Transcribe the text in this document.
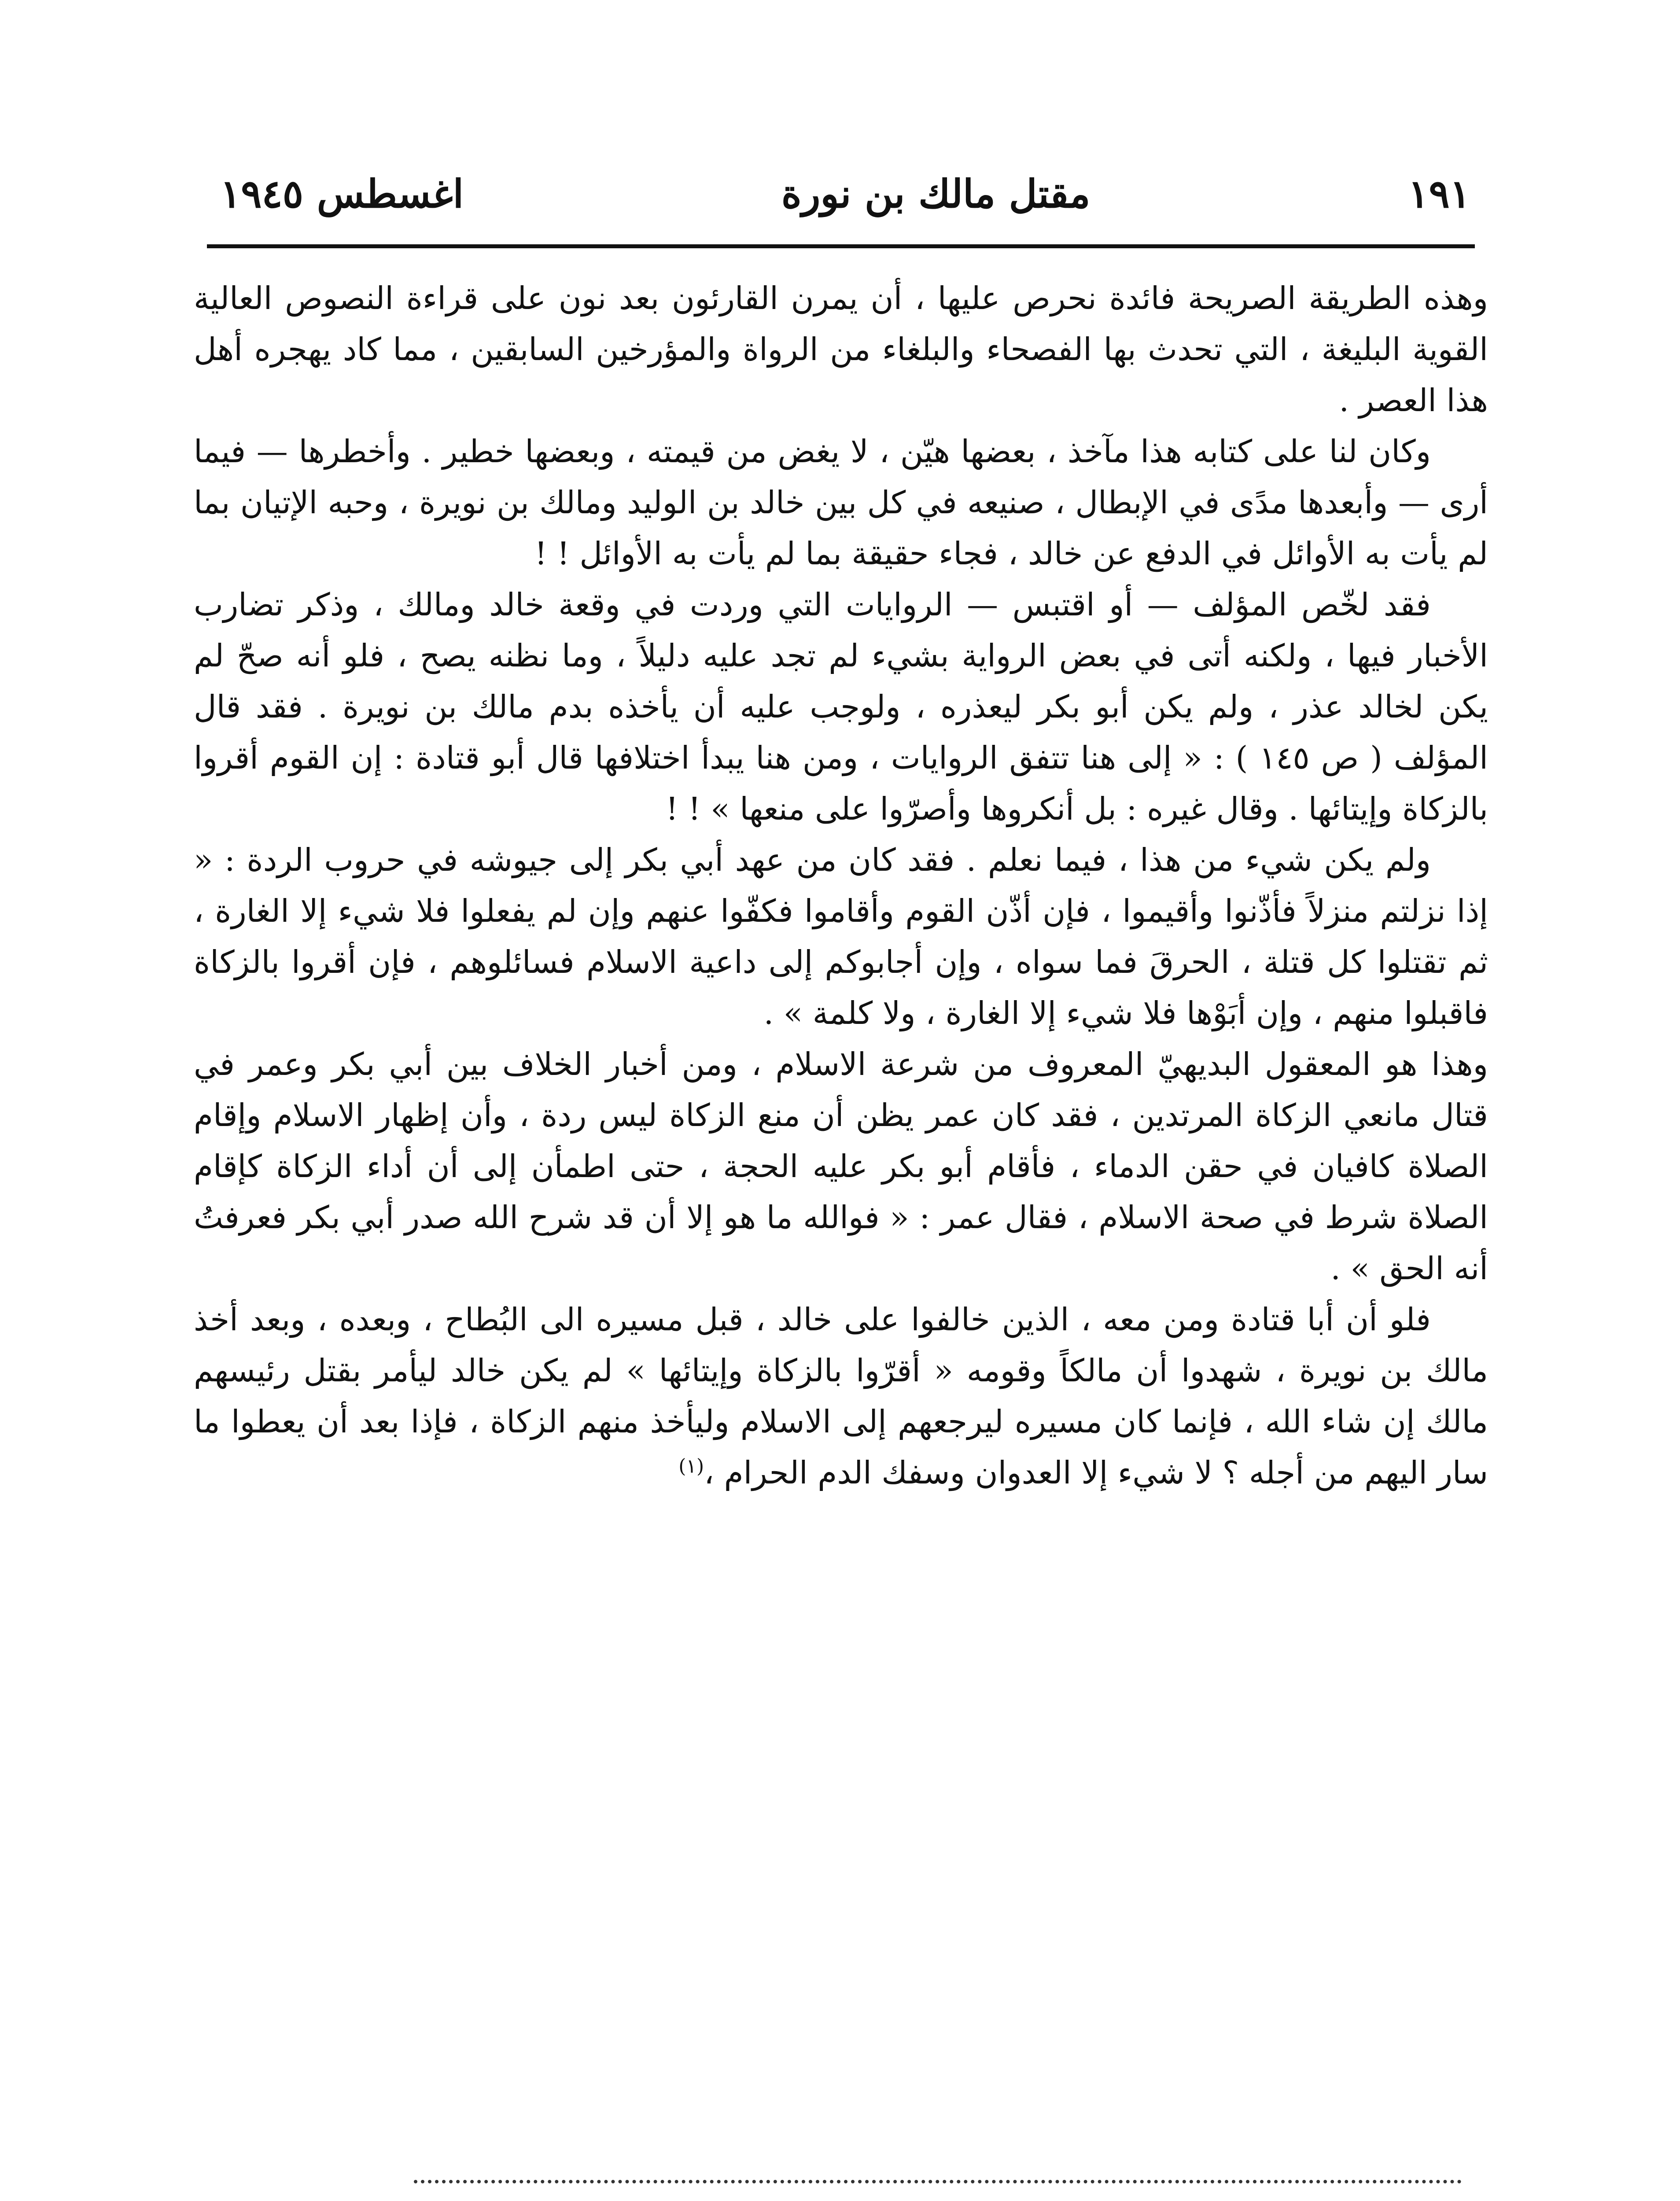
١٩١
مقتل مالك بن نورة
اغسطس ١٩٤٥

وهذه الطريقة الصريحة فائدة نحرص عليها ، أن يمرن القارئون بعد نون على قراءة النصوص العالية القوية البليغة ، التي تحدث بها الفصحاء والبلغاء من الرواة والمؤرخين السابقين ، مما كاد يهجره أهل هذا العصر .

وكان لنا على كتابه هذا مآخذ ، بعضها هيّن ، لا يغض من قيمته ، وبعضها خطير . وأخطرها — فيما أرى — وأبعدها مدًى في الإبطال ، صنيعه في كل بين خالد بن الوليد ومالك بن نويرة ، وحبه الإتيان بما لم يأت به الأوائل في الدفع عن خالد ، فجاء حقيقة بما لم يأت به الأوائل ! !

فقد لخّص المؤلف — أو اقتبس — الروايات التي وردت في وقعة خالد ومالك ، وذكر تضارب الأخبار فيها ، ولكنه أتى في بعض الرواية بشيء لم تجد عليه دليلاً ، وما نظنه يصح ، فلو أنه صحّ لم يكن لخالد عذر ، ولم يكن أبو بكر ليعذره ، ولوجب عليه أن يأخذه بدم مالك بن نويرة . فقد قال المؤلف ( ص ١٤٥ ) : « إلى هنا تتفق الروايات ، ومن هنا يبدأ اختلافها قال أبو قتادة : إن القوم أقروا بالزكاة وإيتائها . وقال غيره : بل أنكروها وأصرّوا على منعها » ! !

ولم يكن شيء من هذا ، فيما نعلم . فقد كان من عهد أبي بكر إلى جيوشه في حروب الردة : « إذا نزلتم منزلاً فأذّنوا وأقيموا ، فإن أذّن القوم وأقاموا فكفّوا عنهم وإن لم يفعلوا فلا شيء إلا الغارة ، ثم تقتلوا كل قتلة ، الحرقَ فما سواه ، وإن أجابوكم إلى داعية الاسلام فسائلوهم ، فإن أقروا بالزكاة فاقبلوا منهم ، وإن أبَوْها فلا شيء إلا الغارة ، ولا كلمة » .

وهذا هو المعقول البديهيّ المعروف من شرعة الاسلام ، ومن أخبار الخلاف بين أبي بكر وعمر في قتال مانعي الزكاة المرتدين ، فقد كان عمر يظن أن منع الزكاة ليس ردة ، وأن إظهار الاسلام وإقام الصلاة كافيان في حقن الدماء ، فأقام أبو بكر عليه الحجة ، حتى اطمأن إلى أن أداء الزكاة كإقام الصلاة شرط في صحة الاسلام ، فقال عمر : « فوالله ما هو إلا أن قد شرح الله صدر أبي بكر فعرفتُ أنه الحق » .

فلو أن أبا قتادة ومن معه ، الذين خالفوا على خالد ، قبل مسيره الى البُطاح ، وبعده ، وبعد أخذ مالك بن نويرة ، شهدوا أن مالكاً وقومه « أقرّوا بالزكاة وإيتائها » لم يكن خالد ليأمر بقتل رئيسهم مالك إن شاء الله ، فإنما كان مسيره ليرجعهم إلى الاسلام وليأخذ منهم الزكاة ، فإذا بعد أن يعطوا ما سار اليهم من أجله ؟ لا شيء إلا العدوان وسفك الدم الحرام ،$^{(١)}$
